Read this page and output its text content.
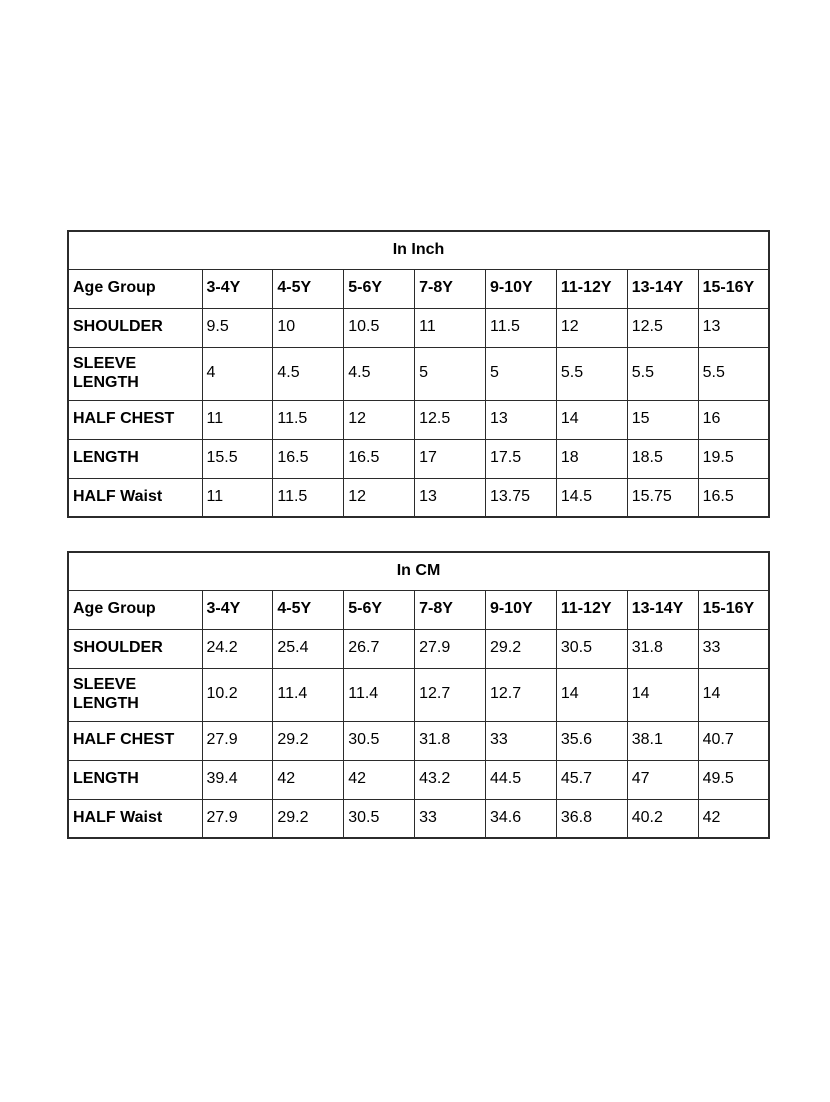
In Inch								
Age Group	3-4Y	4-5Y	5-6Y	7-8Y	9-10Y	11-12Y	13-14Y	15-16Y
SHOULDER	9.5	10	10.5	11	11.5	12	12.5	13

SLEEVE LENGTH	4	4.5	4.5	5	5	5.5	5.5	5.5
HALF CHEST	11	11.5	12	12.5	13	14	15	16
LENGTH	15.5	16.5	16.5	17	17.5	18	18.5	19.5
HALF Waist	11	11.5	12	13	13.75	14.5	15.75	16.5
In CM								
Age Group	3-4Y	4-5Y	5-6Y	7-8Y	9-10Y	11-12Y	13-14Y	15-16Y
SHOULDER	24.2	25.4	26.7	27.9	29.2	30.5	31.8	33

SLEEVE LENGTH	10.2	11.4	11.4	12.7	12.7	14	14	14
HALF CHEST	27.9	29.2	30.5	31.8	33	35.6	38.1	40.7
LENGTH	39.4	42	42	43.2	44.5	45.7	47	49.5
HALF Waist	27.9	29.2	30.5	33	34.6	36.8	40.2	42
